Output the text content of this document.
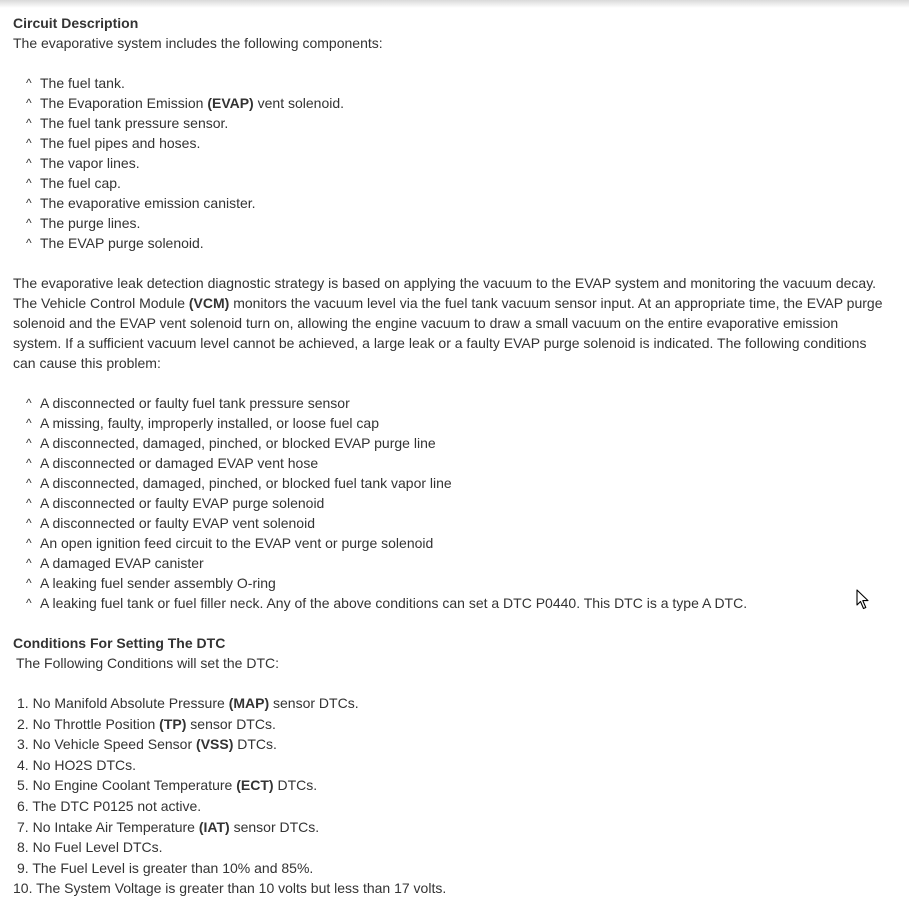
Circuit Description
The evaporative system includes the following components:
^ The fuel tank.
^ The Evaporation Emission (EVAP) vent solenoid.
^ The fuel tank pressure sensor.
^ The fuel pipes and hoses.
^ The vapor lines.
^ The fuel cap.
^ The evaporative emission canister.
^ The purge lines.
^ The EVAP purge solenoid.
The evaporative leak detection diagnostic strategy is based on applying the vacuum to the EVAP system and monitoring the vacuum decay.
The Vehicle Control Module (VCM) monitors the vacuum level via the fuel tank vacuum sensor input. At an appropriate time, the EVAP purge
solenoid and the EVAP vent solenoid turn on, allowing the engine vacuum to draw a small vacuum on the entire evaporative emission
system. If a sufficient vacuum level cannot be achieved, a large leak or a faulty EVAP purge solenoid is indicated. The following conditions
can cause this problem:
^ A disconnected or faulty fuel tank pressure sensor
^ A missing, faulty, improperly installed, or loose fuel cap
^ A disconnected, damaged, pinched, or blocked EVAP purge line
^ A disconnected or damaged EVAP vent hose
^ A disconnected, damaged, pinched, or blocked fuel tank vapor line
^ A disconnected or faulty EVAP purge solenoid
^ A disconnected or faulty EVAP vent solenoid
^ An open ignition feed circuit to the EVAP vent or purge solenoid
^ A damaged EVAP canister
^ A leaking fuel sender assembly O-ring
^ A leaking fuel tank or fuel filler neck. Any of the above conditions can set a DTC P0440. This DTC is a type A DTC.
Conditions For Setting The DTC
The Following Conditions will set the DTC:
1. No Manifold Absolute Pressure (MAP) sensor DTCs.
2. No Throttle Position (TP) sensor DTCs.
3. No Vehicle Speed Sensor (VSS) DTCs.
4. No HO2S DTCs.
5. No Engine Coolant Temperature (ECT) DTCs.
6. The DTC P0125 not active.
7. No Intake Air Temperature (IAT) sensor DTCs.
8. No Fuel Level DTCs.
9. The Fuel Level is greater than 10% and 85%.
10. The System Voltage is greater than 10 volts but less than 17 volts.
